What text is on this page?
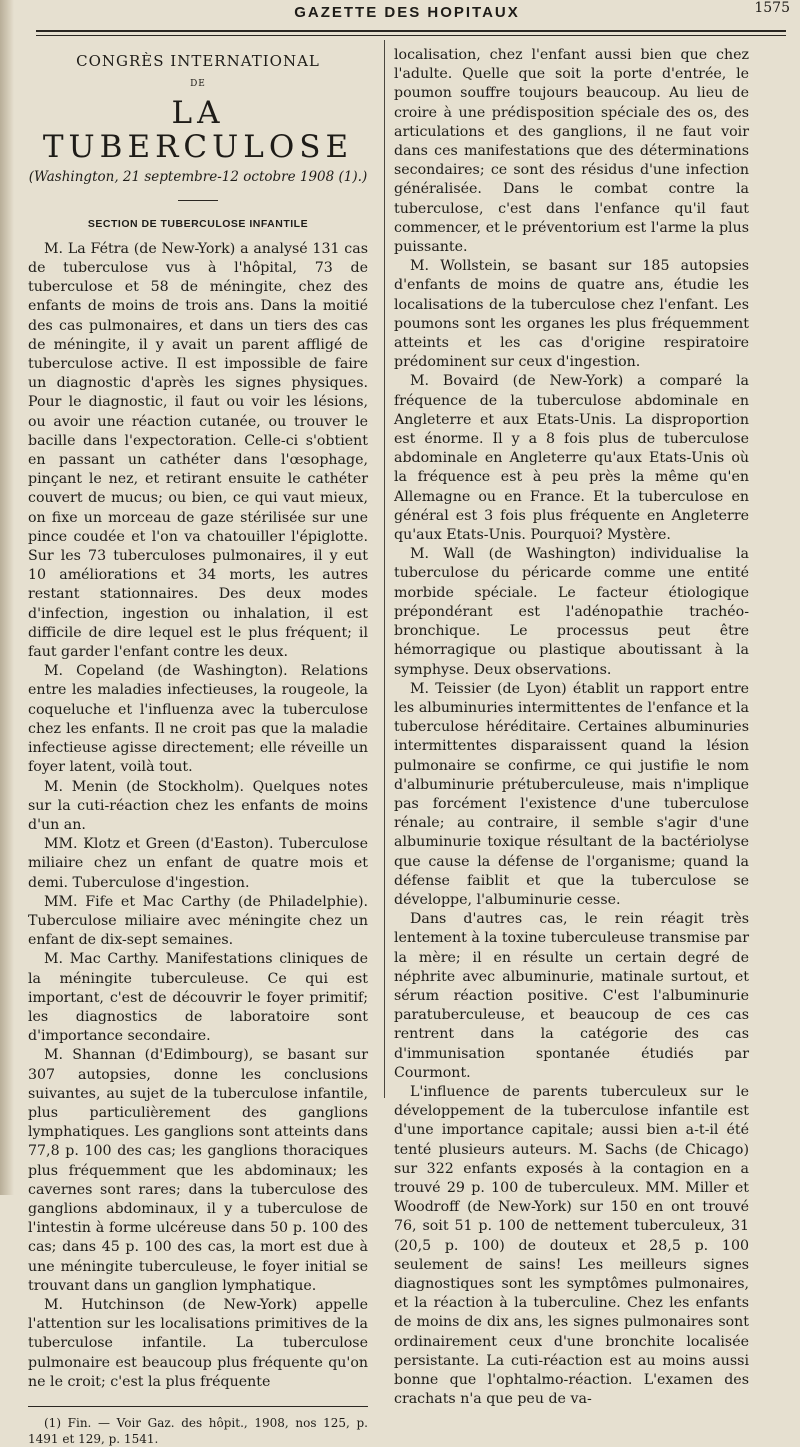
GAZETTE DES HOPITAUX	1575
CONGRÈS INTERNATIONAL
DE
LA TUBERCULOSE
(Washington, 21 septembre-12 octobre 1908 (1).)
SECTION DE TUBERCULOSE INFANTILE

M. La Fétra (de New-York) a analysé 131 cas de tuberculose vus à l'hôpital, 73 de tuberculose et 58 de méningite, chez des enfants de moins de trois ans. Dans la moitié des cas pulmonaires, et dans un tiers des cas de méningite, il y avait un parent affligé de tuberculose active. Il est impossible de faire un diagnostic d'après les signes physiques. Pour le diagnostic, il faut ou voir les lésions, ou avoir une réaction cutanée, ou trouver le bacille dans l'expectoration. Celle-ci s'obtient en passant un cathéter dans l'œsophage, pinçant le nez, et retirant ensuite le cathéter couvert de mucus; ou bien, ce qui vaut mieux, on fixe un morceau de gaze stérilisée sur une pince coudée et l'on va chatouiller l'épiglotte. Sur les 73 tuberculoses pulmonaires, il y eut 10 améliorations et 34 morts, les autres restant stationnaires. Des deux modes d'infection, ingestion ou inhalation, il est difficile de dire lequel est le plus fréquent; il faut garder l'enfant contre les deux.

M. Copeland (de Washington). Relations entre les maladies infectieuses, la rougeole, la coqueluche et l'influenza avec la tuberculose chez les enfants. Il ne croit pas que la maladie infectieuse agisse directement; elle réveille un foyer latent, voilà tout.

M. Menin (de Stockholm). Quelques notes sur la cuti-réaction chez les enfants de moins d'un an.

MM. Klotz et Green (d'Easton). Tuberculose miliaire chez un enfant de quatre mois et demi. Tuberculose d'ingestion.

MM. Fife et Mac Carthy (de Philadelphie). Tuberculose miliaire avec méningite chez un enfant de dix-sept semaines.

M. Mac Carthy. Manifestations cliniques de la méningite tuberculeuse. Ce qui est important, c'est de découvrir le foyer primitif; les diagnostics de laboratoire sont d'importance secondaire.

M. Shannan (d'Edimbourg), se basant sur 307 autopsies, donne les conclusions suivantes, au sujet de la tuberculose infantile, plus particulièrement des ganglions lymphatiques. Les ganglions sont atteints dans 77,8 p. 100 des cas; les ganglions thoraciques plus fréquemment que les abdominaux; les cavernes sont rares; dans la tuberculose des ganglions abdominaux, il y a tuberculose de l'intestin à forme ulcéreuse dans 50 p. 100 des cas; dans 45 p. 100 des cas, la mort est due à une méningite tuberculeuse, le foyer initial se trouvant dans un ganglion lymphatique.

M. Hutchinson (de New-York) appelle l'attention sur les localisations primitives de la tuberculose infantile. La tuberculose pulmonaire est beaucoup plus fréquente qu'on ne le croit; c'est la plus fréquente

(1) Fin. — Voir Gaz. des hôpit., 1908, nos 125, p. 1491 et 129, p. 1541.

localisation, chez l'enfant aussi bien que chez l'adulte. Quelle que soit la porte d'entrée, le poumon souffre toujours beaucoup. Au lieu de croire à une prédisposition spéciale des os, des articulations et des ganglions, il ne faut voir dans ces manifestations que des déterminations secondaires; ce sont des résidus d'une infection généralisée. Dans le combat contre la tuberculose, c'est dans l'enfance qu'il faut commencer, et le préventorium est l'arme la plus puissante.

M. Wollstein, se basant sur 185 autopsies d'enfants de moins de quatre ans, étudie les localisations de la tuberculose chez l'enfant. Les poumons sont les organes les plus fréquemment atteints et les cas d'origine respiratoire prédominent sur ceux d'ingestion.

M. Bovaird (de New-York) a comparé la fréquence de la tuberculose abdominale en Angleterre et aux Etats-Unis. La disproportion est énorme. Il y a 8 fois plus de tuberculose abdominale en Angleterre qu'aux Etats-Unis où la fréquence est à peu près la même qu'en Allemagne ou en France. Et la tuberculose en général est 3 fois plus fréquente en Angleterre qu'aux Etats-Unis. Pourquoi? Mystère.

M. Wall (de Washington) individualise la tuberculose du péricarde comme une entité morbide spéciale. Le facteur étiologique prépondérant est l'adénopathie trachéo-bronchique. Le processus peut être hémorragique ou plastique aboutissant à la symphyse. Deux observations.

M. Teissier (de Lyon) établit un rapport entre les albuminuries intermittentes de l'enfance et la tuberculose héréditaire. Certaines albuminuries intermittentes disparaissent quand la lésion pulmonaire se confirme, ce qui justifie le nom d'albuminurie prétuberculeuse, mais n'implique pas forcément l'existence d'une tuberculose rénale; au contraire, il semble s'agir d'une albuminurie toxique résultant de la bactériolyse que cause la défense de l'organisme; quand la défense faiblit et que la tuberculose se développe, l'albuminurie cesse.

Dans d'autres cas, le rein réagit très lentement à la toxine tuberculeuse transmise par la mère; il en résulte un certain degré de néphrite avec albuminurie, matinale surtout, et sérum réaction positive. C'est l'albuminurie paratuberculeuse, et beaucoup de ces cas rentrent dans la catégorie des cas d'immunisation spontanée étudiés par Courmont.

L'influence de parents tuberculeux sur le développement de la tuberculose infantile est d'une importance capitale; aussi bien a-t-il été tenté plusieurs auteurs. M. Sachs (de Chicago) sur 322 enfants exposés à la contagion en a trouvé 29 p. 100 de tuberculeux. MM. Miller et Woodroff (de New-York) sur 150 en ont trouvé 76, soit 51 p. 100 de nettement tuberculeux, 31 (20,5 p. 100) de douteux et 28,5 p. 100 seulement de sains! Les meilleurs signes diagnostiques sont les symptômes pulmonaires, et la réaction à la tuberculine. Chez les enfants de moins de dix ans, les signes pulmonaires sont ordinairement ceux d'une bronchite localisée persistante. La cuti-réaction est au moins aussi bonne que l'ophtalmo-réaction. L'examen des crachats n'a que peu de va-
